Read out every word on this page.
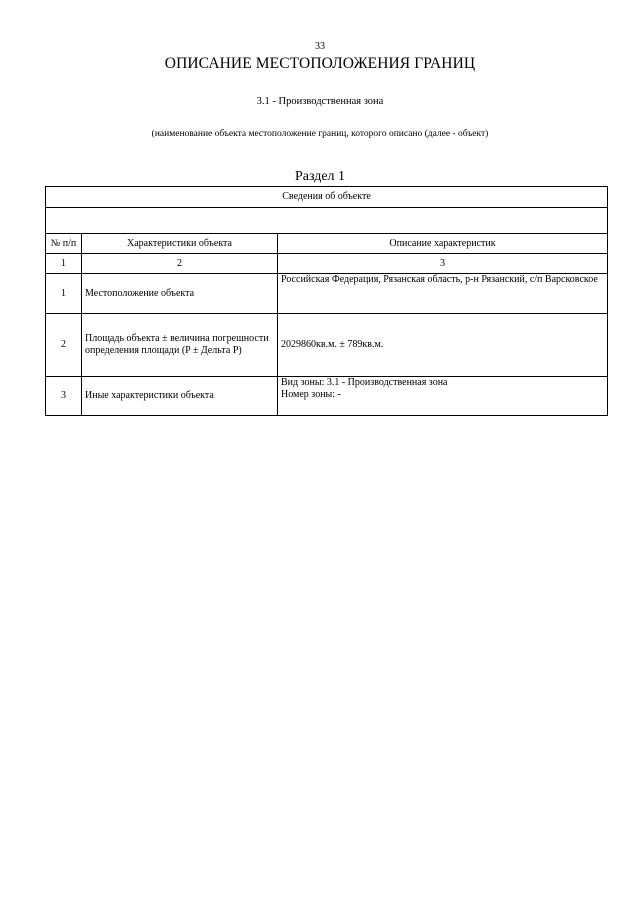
33
ОПИСАНИЕ МЕСТОПОЛОЖЕНИЯ ГРАНИЦ
3.1 - Производственная зона
(наименование объекта местоположение границ, которого описано (далее - объект)
Раздел 1
Сведения об объекте		

№ п/п	Характеристики объекта	Описание характеристик
1	2	3
1	Местоположение объекта	Российская Федерация, Рязанская область, р-н Рязанский, с/п Варсковское

2	Площадь объекта ± величина погрешности определения площади (P ± Дельта P)	2029860кв.м. ± 789кв.м.

3	Иные характеристики объекта	Вид зоны: 3.1 - Производственная зона
Номер зоны: -
